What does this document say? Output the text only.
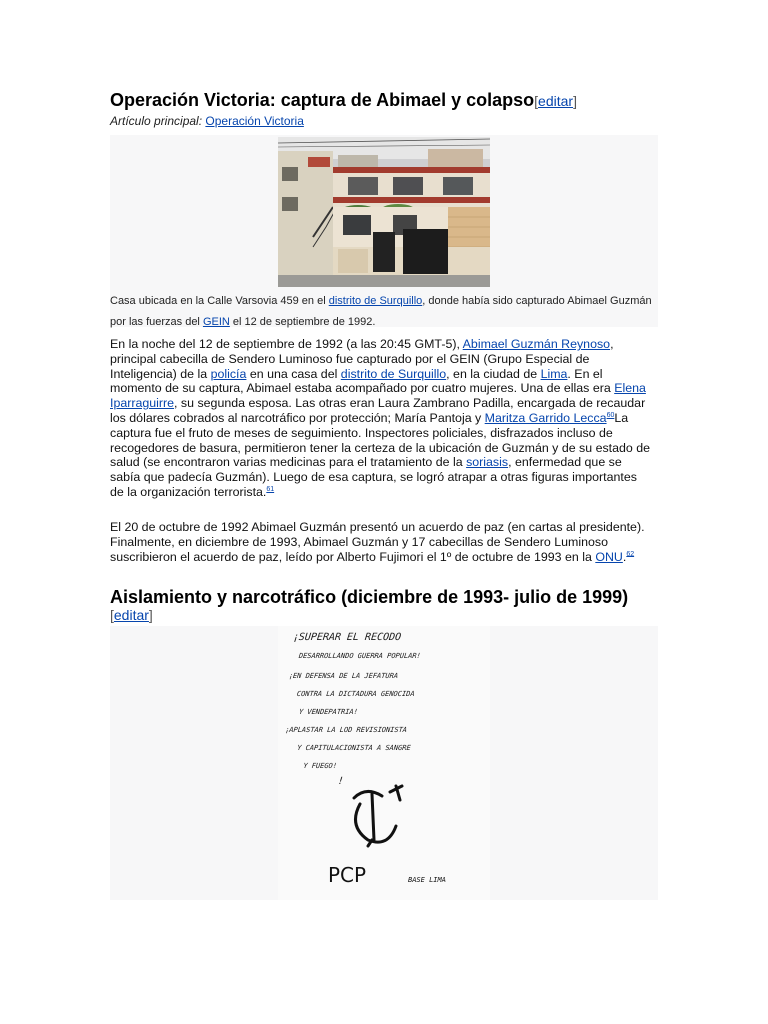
Operación Victoria: captura de Abimael y colapso[editar]
Artículo principal: Operación Victoria
Casa ubicada en la Calle Varsovia 459 en el distrito de Surquillo, donde había sido capturado Abimael Guzmán por las fuerzas del GEIN el 12 de septiembre de 1992.
En la noche del 12 de septiembre de 1992 (a las 20:45 GMT-5), Abimael Guzmán Reynoso, principal cabecilla de Sendero Luminoso fue capturado por el GEIN (Grupo Especial de Inteligencia) de la policía en una casa del distrito de Surquillo, en la ciudad de Lima. En el momento de su captura, Abimael estaba acompañado por cuatro mujeres. Una de ellas era Elena Iparraguirre, su segunda esposa. Las otras eran Laura Zambrano Padilla, encargada de recaudar los dólares cobrados al narcotráfico por protección; María Pantoja y Maritza Garrido Lecca$^{60}$La captura fue el fruto de meses de seguimiento. Inspectores policiales, disfrazados incluso de recogedores de basura, permitieron tener la certeza de la ubicación de Guzmán y de su estado de salud (se encontraron varias medicinas para el tratamiento de la soriasis, enfermedad que se sabía que padecía Guzmán). Luego de esa captura, se logró atrapar a otras figuras importantes de la organización terrorista.$^{61}$
El 20 de octubre de 1992 Abimael Guzmán presentó un acuerdo de paz (en cartas al presidente). Finalmente, en diciembre de 1993, Abimael Guzmán y 17 cabecillas de Sendero Luminoso suscribieron el acuerdo de paz, leído por Alberto Fujimori el 1º de octubre de 1993 en la ONU.$^{62}$
Aislamiento y narcotráfico (diciembre de 1993- julio de 1999)
[editar]
¡SUPERAR EL RECODO
DESARROLLANDO GUERRA POPULAR!
¡EN DEFENSA DE LA JEFATURA
CONTRA LA DICTADURA GENOCIDA
Y VENDEPATRIA!
¡APLASTAR LA LOD REVISIONISTA
Y CAPITULACIONISTA A SANGRE
Y FUEGO!
!
PCP	BASE LIMA
